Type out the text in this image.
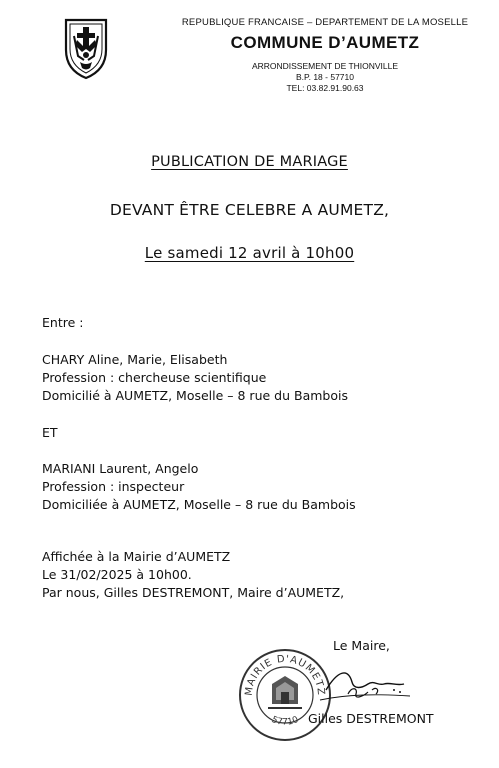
REPUBLIQUE FRANCAISE – DEPARTEMENT DE LA MOSELLE
COMMUNE D’AUMETZ
ARRONDISSEMENT DE THIONVILLE
B.P. 18 - 57710
TEL: 03.82.91.90.63
PUBLICATION DE MARIAGE
DEVANT ÊTRE CELEBRE A AUMETZ,
Le samedi 12 avril à 10h00
Entre :
CHARY Aline, Marie, Elisabeth
Profession : chercheuse scientifique
Domicilié à AUMETZ, Moselle – 8 rue du Bambois
ET
MARIANI Laurent, Angelo
Profession : inspecteur
Domiciliée à AUMETZ, Moselle – 8 rue du Bambois
Affichée à la Mairie d’AUMETZ
Le 31/02/2025 à 10h00.
Par nous, Gilles DESTREMONT, Maire d’AUMETZ,
Le Maire,
MAIRIE D'AUMETZ
57710 Gilles DESTREMONT
